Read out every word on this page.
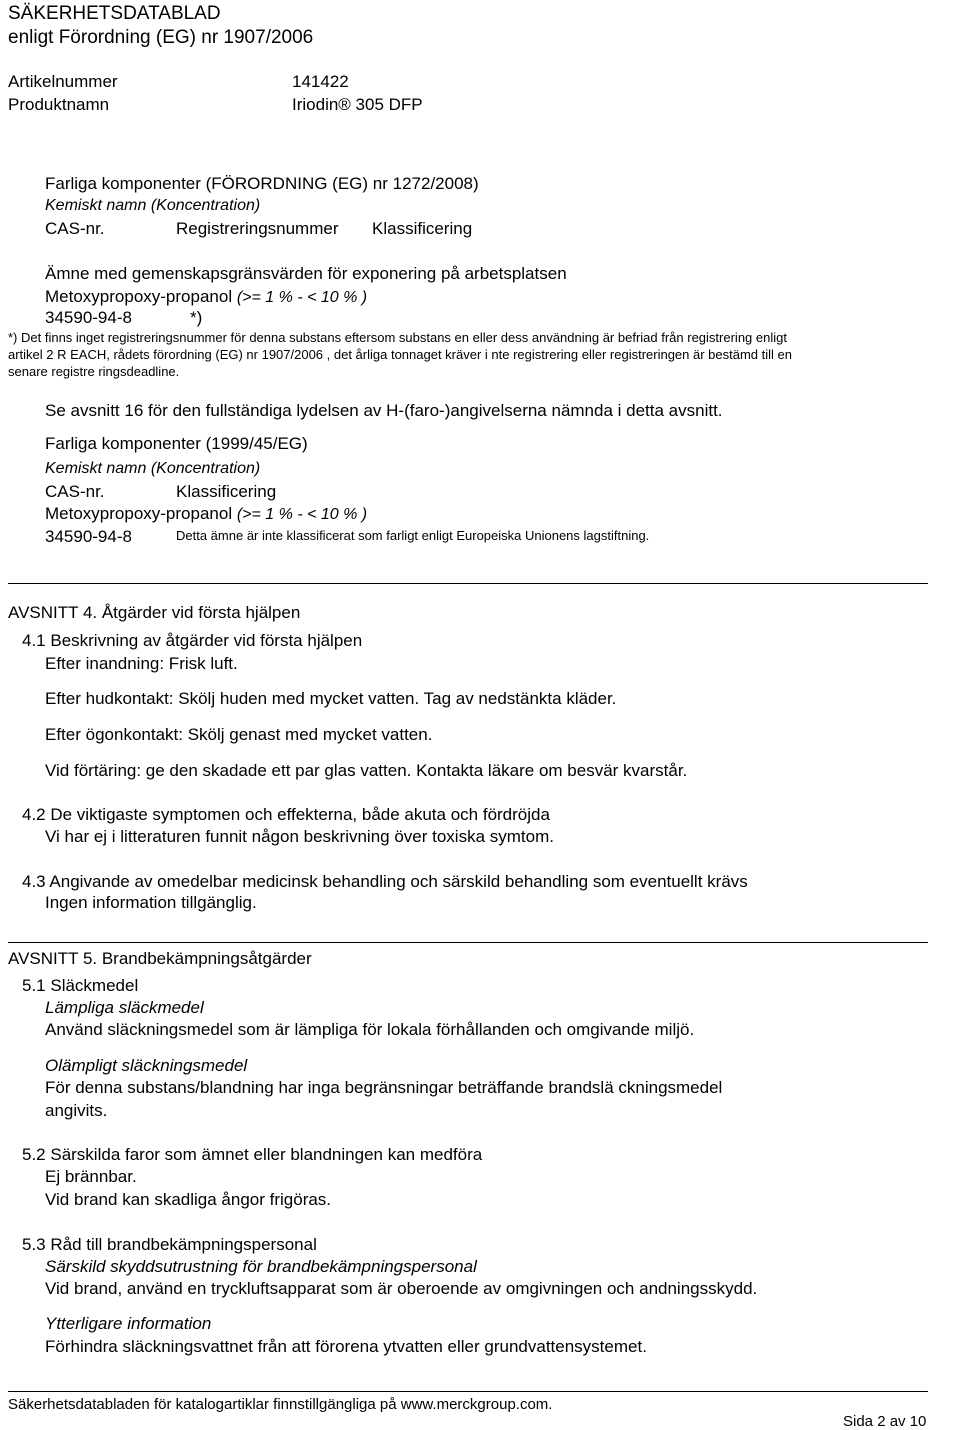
SÄKERHETSDATABLAD
enligt Förordning (EG) nr 1907/2006
Artikelnummer	141422
Produktnamn	Iriodin® 305 DFP
Farliga komponenter (FÖRORDNING (EG) nr 1272/2008)
Kemiskt namn (Koncentration)
CAS-nr.	Registreringsnummer Klassificering
Ämne med gemenskapsgränsvärden för exponering på arbetsplatsen
Metoxypropoxy-propanol (>= 1 % - < 10 % )
34590-94-8	*)
*) Det finns inget registreringsnummer för denna substans eftersom substans en eller dess användning är befriad från registrering enligt
artikel 2 R EACH, rådets förordning (EG) nr 1907/2006 , det årliga tonnaget kräver i nte registrering eller registreringen är bestämd till en
senare registre ringsdeadline.
Se avsnitt 16 för den fullständiga lydelsen av H-(faro-)angivelserna nämnda i detta avsnitt.
Farliga komponenter (1999/45/EG)
Kemiskt namn (Koncentration)
CAS-nr.	Klassificering
Metoxypropoxy-propanol (>= 1 % - < 10 % )
34590-94-8	Detta ämne är inte klassificerat som farligt enligt Europeiska Unionens lagstiftning.
AVSNITT 4. Åtgärder vid första hjälpen
4.1 Beskrivning av åtgärder vid första hjälpen
Efter inandning: Frisk luft.
Efter hudkontakt: Skölj huden med mycket vatten. Tag av nedstänkta kläder.
Efter ögonkontakt: Skölj genast med mycket vatten.
Vid förtäring: ge den skadade ett par glas vatten. Kontakta läkare om besvär kvarstår.
4.2 De viktigaste symptomen och effekterna, både akuta och fördröjda
Vi har ej i litteraturen funnit någon beskrivning över toxiska symtom.
4.3 Angivande av omedelbar medicinsk behandling och särskild behandling som eventuellt krävs
Ingen information tillgänglig.
AVSNITT 5. Brandbekämpningsåtgärder
5.1 Släckmedel
Lämpliga släckmedel
Använd släckningsmedel som är lämpliga för lokala förhållanden och omgivande miljö.
Olämpligt släckningsmedel
För denna substans/blandning har inga begränsningar beträffande brandslä ckningsmedel
angivits.
5.2 Särskilda faror som ämnet eller blandningen kan medföra
Ej brännbar.
Vid brand kan skadliga ångor frigöras.
5.3 Råd till brandbekämpningspersonal
Särskild skyddsutrustning för brandbekämpningspersonal
Vid brand, använd en tryckluftsapparat som är oberoende av omgivningen och andningsskydd.
Ytterligare information
Förhindra släckningsvattnet från att förorena ytvatten eller grundvattensystemet.
Säkerhetsdatabladen för katalogartiklar finnstillgängliga på www.merckgroup.com.
Sida 2 av 10
